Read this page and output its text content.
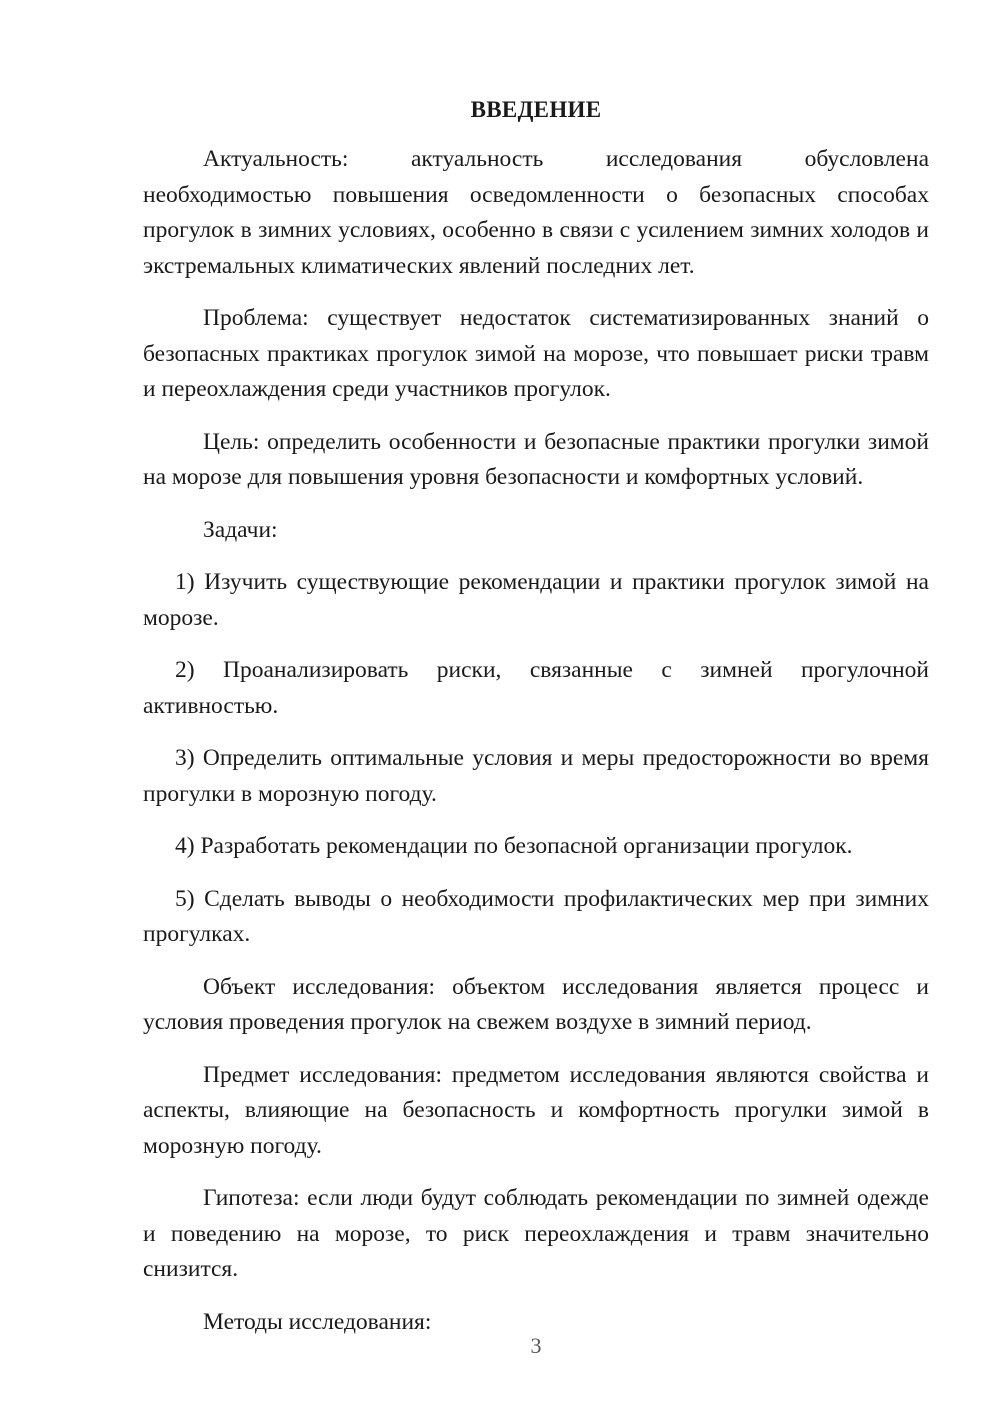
ВВЕДЕНИЕ

Актуальность: актуальность исследования обусловлена необходимостью повышения осведомленности о безопасных способах прогулок в зимних условиях, особенно в связи с усилением зимних холодов и экстремальных климатических явлений последних лет.

Проблема: существует недостаток систематизированных знаний о безопасных практиках прогулок зимой на морозе, что повышает риски травм и переохлаждения среди участников прогулок.

Цель: определить особенности и безопасные практики прогулки зимой на морозе для повышения уровня безопасности и комфортных условий.

Задачи:

1) Изучить существующие рекомендации и практики прогулок зимой на морозе.

2) Проанализировать риски, связанные с зимней прогулочной активностью.

3) Определить оптимальные условия и меры предосторожности во время прогулки в морозную погоду.

4) Разработать рекомендации по безопасной организации прогулок.

5) Сделать выводы о необходимости профилактических мер при зимних прогулках.

Объект исследования: объектом исследования является процесс и условия проведения прогулок на свежем воздухе в зимний период.

Предмет исследования: предметом исследования являются свойства и аспекты, влияющие на безопасность и комфортность прогулки зимой в морозную погоду.

Гипотеза: если люди будут соблюдать рекомендации по зимней одежде и поведению на морозе, то риск переохлаждения и травм значительно снизится.

Методы исследования:

3
